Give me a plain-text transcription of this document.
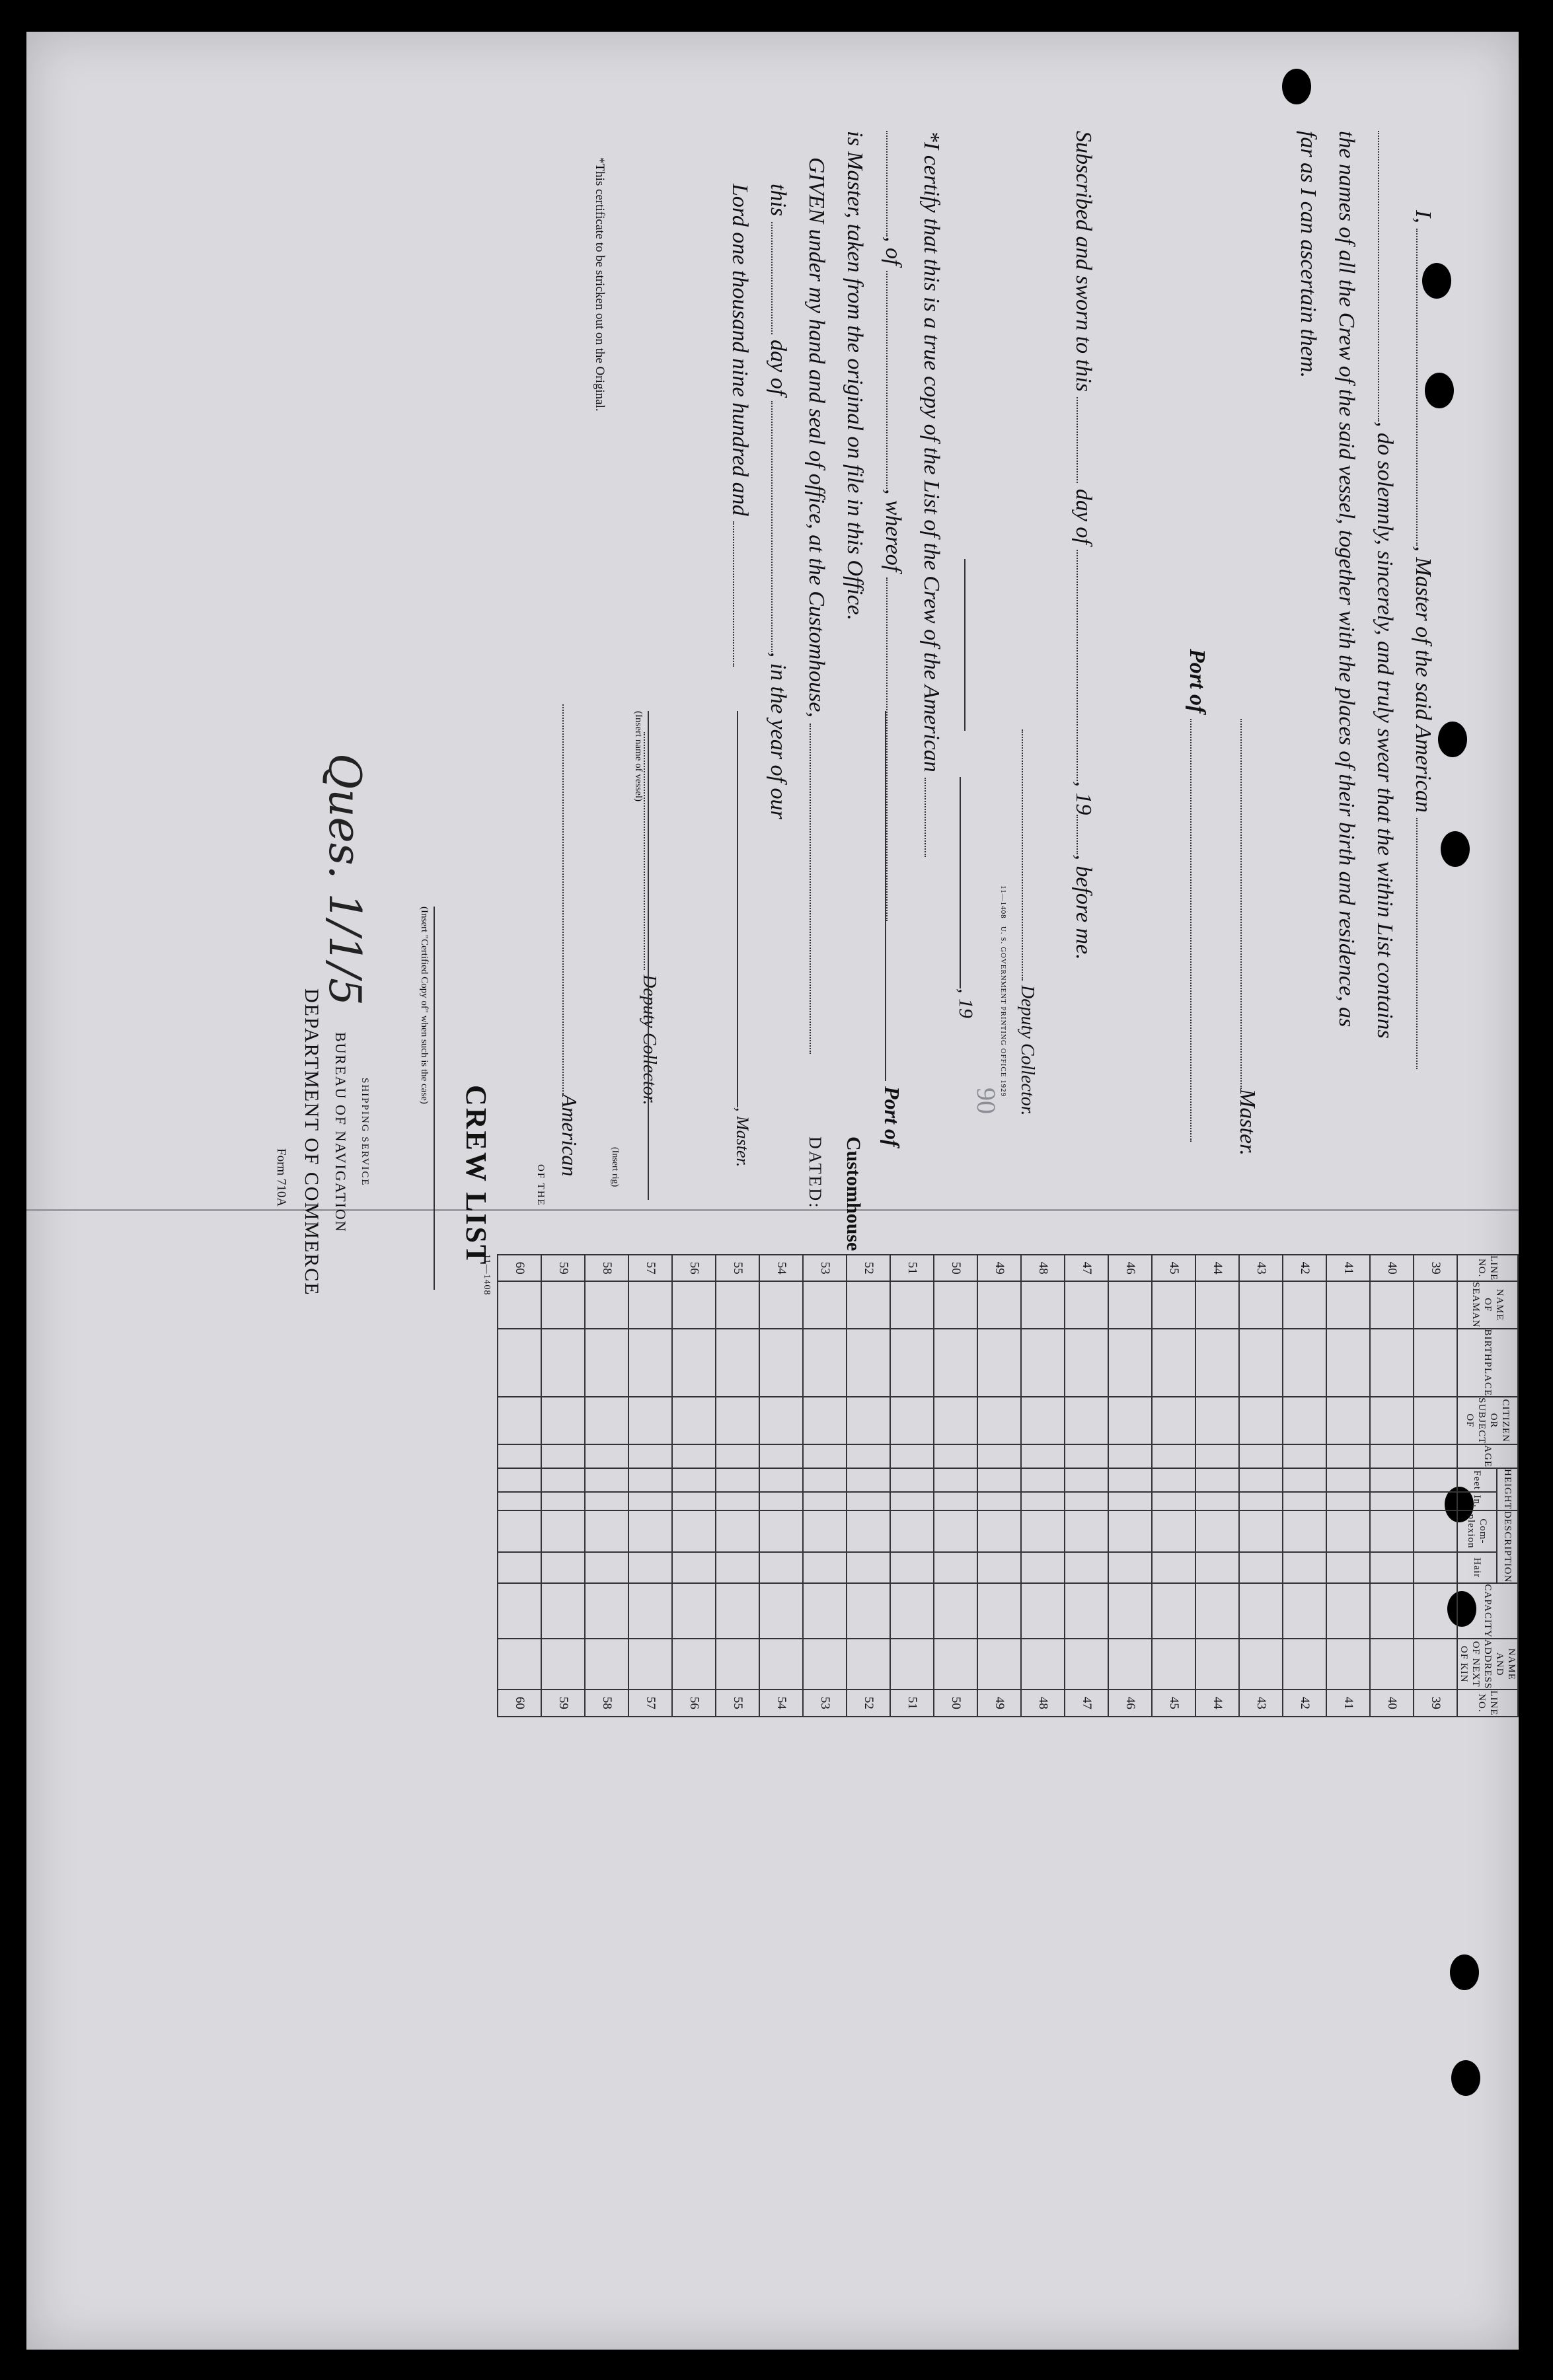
I, , Master of the said American
, do solemnly, sincerely, and truly swear that the within List contains
the names of all the Crew of the said vessel, together with the places of their birth and residence, as
far as I can ascertain them.
Master.
Port of
Subscribed and sworn to this  day of , 19, before me.
Deputy Collector.
*I certify that this is a true copy of the List of the Crew of the American
, of , whereof
is Master, taken from the original on file in this Office.
GIVEN under my hand and seal of office, at the Customhouse,
this  day of , in the year of our
Lord one thousand nine hundred and
Deputy Collector.
*This certificate to be stricken out on the Original.
Form 710A DEPARTMENT OF COMMERCE BUREAU OF NAVIGATION SHIPPING SERVICE
(Insert "Certified Copy of" when such is the case)
CREW LIST	OF THE
American	(Insert rig)
(Insert name of vessel)
, Master.	DATED: Customhouse
Port of
, 19
11—1408   U. S. GOVERNMENT PRINTING OFFICE 1929
90
Ques. 1/1/5
LINE NO.	NAME OF SEAMAN	BIRTHPLACE	CITIZEN OR SUBJECT OF	AGE	HEIGHT		DESCRIPTION		CAPACITY	NAME AND ADDRESS OF NEXT OF KIN	LINE NO.
					Feet	In.	Com- plexion	Hair			
39											39
40											40
41											41
42											42
43											43
44											44
45											45
46											46
47											47
48											48
49											49
50											50
51											51
52											52
53											53
54											54
55											55
56											56
57											57
58											58
59											59
60											60
11—1408
